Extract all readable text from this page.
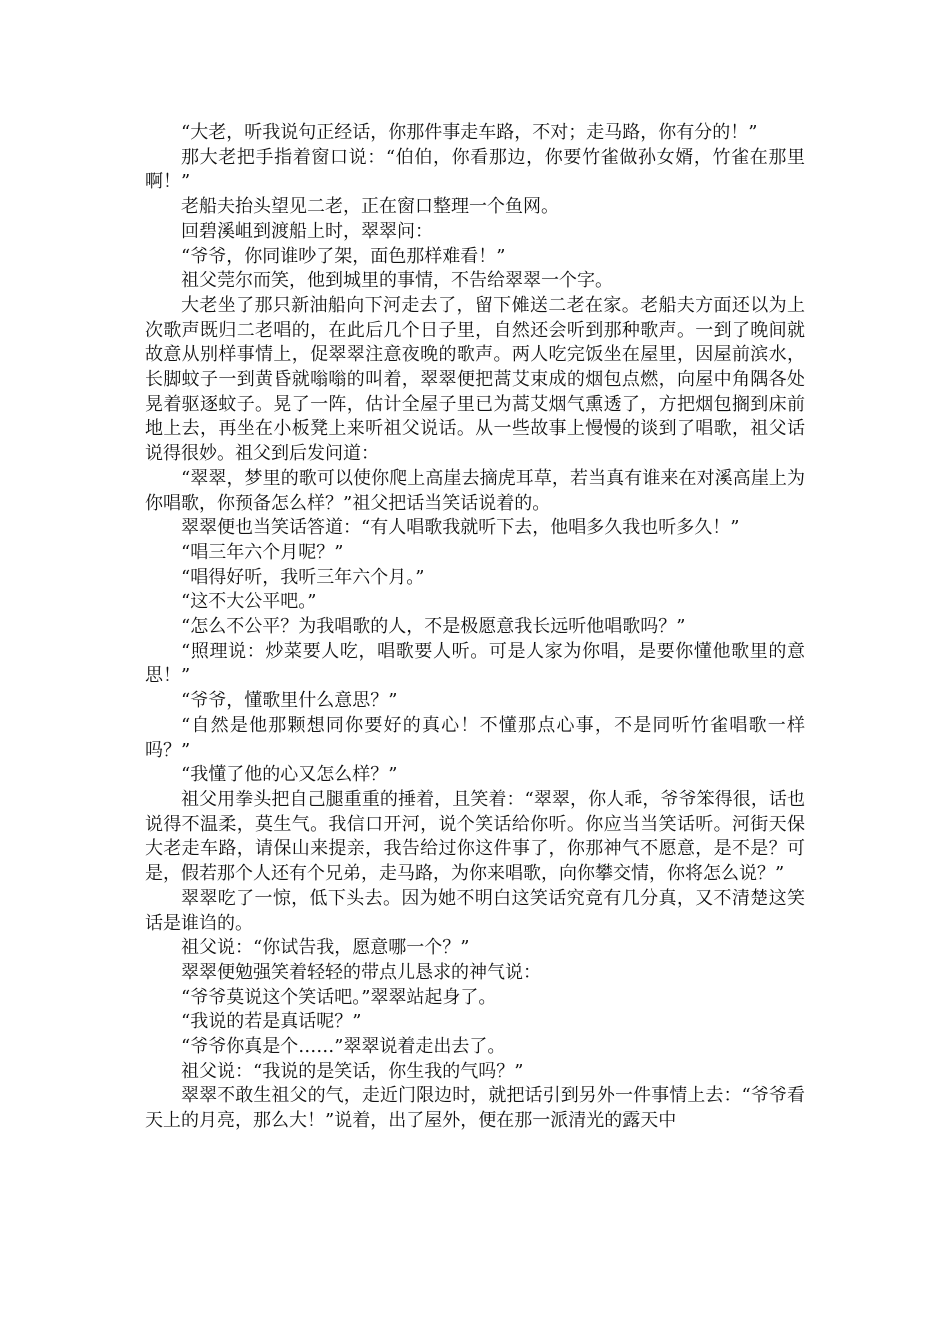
“大老，听我说句正经话，你那件事走车路，不对；走马路，你有分的！”

那大老把手指着窗口说：“伯伯，你看那边，你要竹雀做孙女婿，竹雀在那里啊！”

老船夫抬头望见二老，正在窗口整理一个鱼网。

回碧溪岨到渡船上时，翠翠问：

“爷爷，你同谁吵了架，面色那样难看！”

祖父莞尔而笑，他到城里的事情，不告给翠翠一个字。

大老坐了那只新油船向下河走去了，留下傩送二老在家。老船夫方面还以为上次歌声既归二老唱的，在此后几个日子里，自然还会听到那种歌声。一到了晚间就故意从别样事情上，促翠翠注意夜晚的歌声。两人吃完饭坐在屋里，因屋前滨水，长脚蚊子一到黄昏就嗡嗡的叫着，翠翠便把蒿艾束成的烟包点燃，向屋中角隅各处晃着驱逐蚊子。晃了一阵，估计全屋子里已为蒿艾烟气熏透了，方把烟包搁到床前地上去，再坐在小板凳上来听祖父说话。从一些故事上慢慢的谈到了唱歌，祖父话说得很妙。祖父到后发问道：

“翠翠，梦里的歌可以使你爬上高崖去摘虎耳草，若当真有谁来在对溪高崖上为你唱歌，你预备怎么样？”祖父把话当笑话说着的。

翠翠便也当笑话答道：“有人唱歌我就听下去，他唱多久我也听多久！”

“唱三年六个月呢？”

“唱得好听，我听三年六个月。”

“这不大公平吧。”

“怎么不公平？为我唱歌的人，不是极愿意我长远听他唱歌吗？”

“照理说：炒菜要人吃，唱歌要人听。可是人家为你唱，是要你懂他歌里的意思！”

“爷爷，懂歌里什么意思？”

“自然是他那颗想同你要好的真心！不懂那点心事，不是同听竹雀唱歌一样吗？”

“我懂了他的心又怎么样？”

祖父用拳头把自己腿重重的捶着，且笑着：“翠翠，你人乖，爷爷笨得很，话也说得不温柔，莫生气。我信口开河，说个笑话给你听。你应当当笑话听。河街天保大老走车路，请保山来提亲，我告给过你这件事了，你那神气不愿意，是不是？可是，假若那个人还有个兄弟，走马路，为你来唱歌，向你攀交情，你将怎么说？”

翠翠吃了一惊，低下头去。因为她不明白这笑话究竟有几分真，又不清楚这笑话是谁诌的。

祖父说：“你试告我，愿意哪一个？”

翠翠便勉强笑着轻轻的带点儿恳求的神气说：

“爷爷莫说这个笑话吧。”翠翠站起身了。

“我说的若是真话呢？”

“爷爷你真是个……”翠翠说着走出去了。

祖父说：“我说的是笑话，你生我的气吗？”

翠翠不敢生祖父的气，走近门限边时，就把话引到另外一件事情上去：“爷爷看天上的月亮，那么大！”说着，出了屋外，便在那一派清光的露天中
